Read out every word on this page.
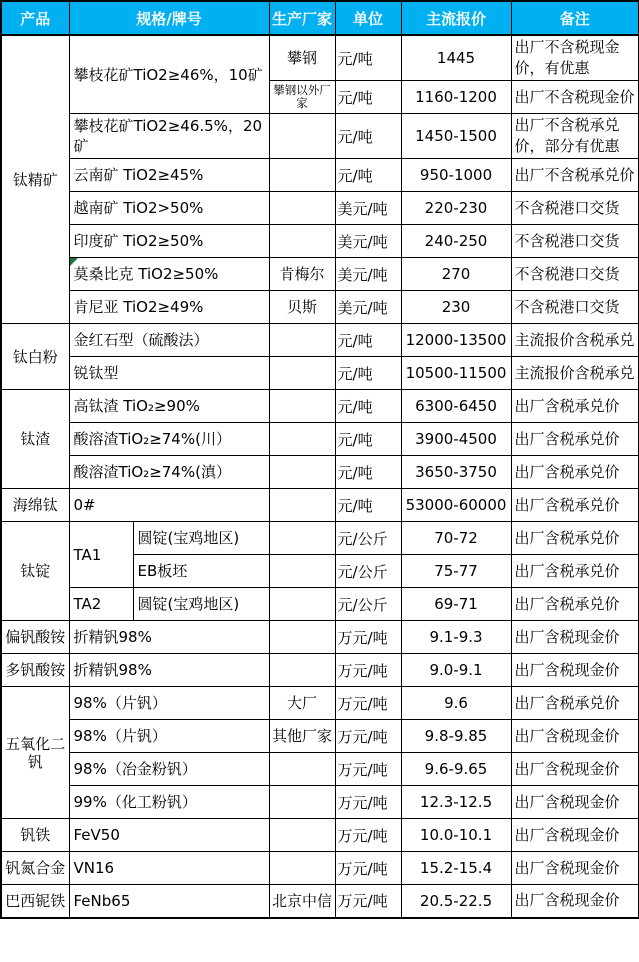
产品	规格/牌号		生产厂家	单位	主流报价	备注
钛精矿	攀枝花矿TiO2≥46%，10矿		攀钢	元/吨	1445	出厂不含税现金价，有优惠
			攀钢以外厂家	元/吨	1160-1200	出厂不含税现金价
	攀枝花矿TiO2≥46.5%，20矿			元/吨	1450-1500	出厂不含税承兑价，部分有优惠
	云南矿 TiO2≥45%			元/吨	950-1000	出厂不含税承兑价
	越南矿 TiO2>50%			美元/吨	220-230	不含税港口交货
	印度矿 TiO2≥50%			美元/吨	240-250	不含税港口交货
	莫桑比克 TiO2≥50%		肯梅尔	美元/吨	270	不含税港口交货
	肯尼亚 TiO2≥49%		贝斯	美元/吨	230	不含税港口交货
钛白粉	金红石型（硫酸法）			元/吨	12000-13500	主流报价含税承兑
	锐钛型			元/吨	10500-11500	主流报价含税承兑
钛渣	高钛渣 TiO₂≥90%			元/吨	6300-6450	出厂含税承兑价
	酸溶渣TiO₂≥74%(川）			元/吨	3900-4500	出厂含税承兑价
	酸溶渣TiO₂≥74%(滇）			元/吨	3650-3750	出厂含税承兑价
海绵钛	0#			元/吨	53000-60000	出厂含税承兑价
钛锭	TA1	圆锭(宝鸡地区)		元/公斤	70-72	出厂含税承兑价
		EB板坯		元/公斤	75-77	出厂含税承兑价
	TA2	圆锭(宝鸡地区)		元/公斤	69-71	出厂含税承兑价
偏钒酸铵	折精钒98%			万元/吨	9.1-9.3	出厂含税现金价
多钒酸铵	折精钒98%			万元/吨	9.0-9.1	出厂含税现金价
五氧化二钒	98%（片钒）		大厂	万元/吨	9.6	出厂含税承兑价
	98%（片钒）		其他厂家	万元/吨	9.8-9.85	出厂含税现金价
	98%（冶金粉钒）			万元/吨	9.6-9.65	出厂含税现金价
	99%（化工粉钒）			万元/吨	12.3-12.5	出厂含税现金价
钒铁	FeV50			万元/吨	10.0-10.1	出厂含税现金价
钒氮合金	VN16			万元/吨	15.2-15.4	出厂含税现金价
巴西铌铁	FeNb65		北京中信	万元/吨	20.5-22.5	出厂含税现金价
